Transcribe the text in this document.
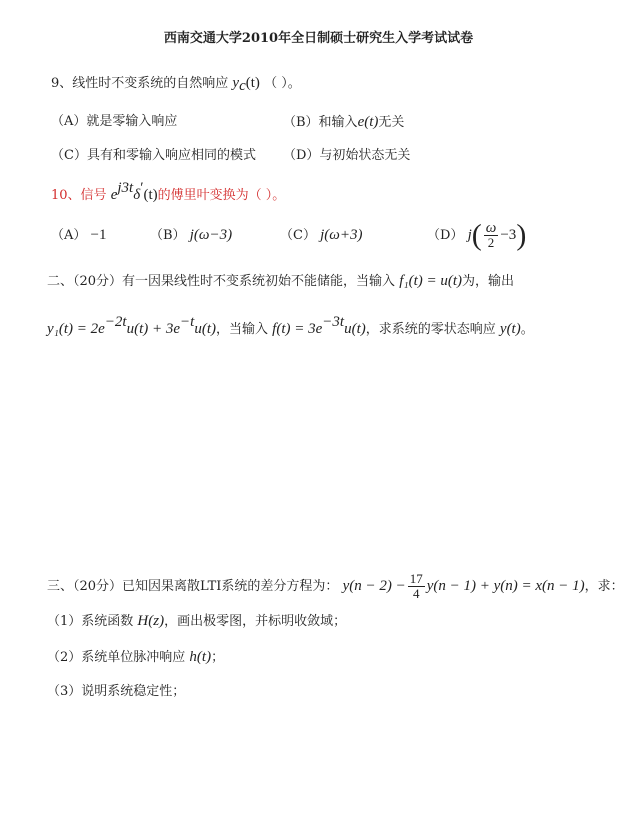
西南交通大学2010年全日制硕士研究生入学考试试卷
9、线性时不变系统的自然响应 $y_c(t)$ （ ）。
（A）就是零输入响应	（B）和输入e(t)无关
（C）具有和零输入响应相同的模式 （D）与初始状态无关
10、信号 $e^{j3t}\delta'(t)$的傅里叶变换为（ ）。
（A） −1	（B） j(ω−3)	（C） j(ω+3)	（D） $j( \frac{\omega}{2} -3)$
二、（20分）有一因果线性时不变系统初始不能储能，当输入 f₁(t) = u(t)为，输出
$y_1(t) = 2e^{-2t}u(t) + 3e^{-t}u(t)$，当输入 $f(t) = 3e^{-3t}u(t)$，求系统的零状态响应 y(t)。
三、（20分）已知因果离散LTI系统的差分方程为： $y(n - 2) - \frac{17}{4} y(n - 1) + y(n) = x(n - 1)$，求：
（1）系统函数 H(z)，画出极零图，并标明收敛域；
（2）系统单位脉冲响应 h(t)；
（3）说明系统稳定性；
